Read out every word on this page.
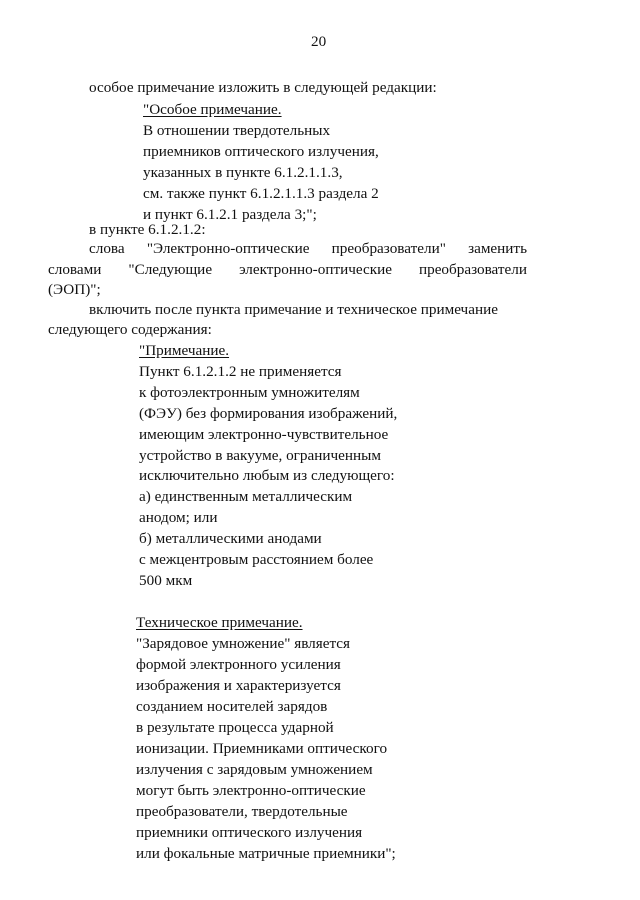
20
особое примечание изложить в следующей редакции:
"Особое примечание.
В отношении твердотельных
приемников оптического излучения,
указанных в пункте 6.1.2.1.1.3,
см. также пункт 6.1.2.1.1.3 раздела 2
и пункт 6.1.2.1 раздела 3;";
в пункте 6.1.2.1.2:
слова "Электронно-оптические преобразователи" заменить
словами "Следующие электронно-оптические преобразователи
(ЭОП)";
включить после пункта примечание и техническое примечание
следующего содержания:
"Примечание.
Пункт 6.1.2.1.2 не применяется
к фотоэлектронным умножителям
(ФЭУ) без формирования изображений,
имеющим электронно-чувствительное
устройство в вакууме, ограниченным
исключительно любым из следующего:
а) единственным металлическим
анодом; или
б) металлическими анодами
с межцентровым расстоянием более
500 мкм
Техническое примечание.
"Зарядовое умножение" является
формой электронного усиления
изображения и характеризуется
созданием носителей зарядов
в результате процесса ударной
ионизации. Приемниками оптического
излучения с зарядовым умножением
могут быть электронно-оптические
преобразователи, твердотельные
приемники оптического излучения
или фокальные матричные приемники";
